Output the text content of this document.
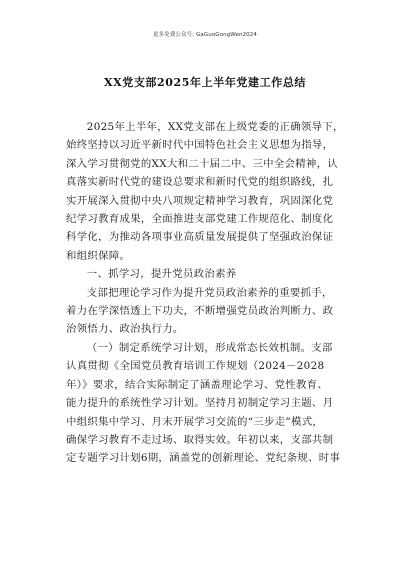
更多免费公众号: GaGuoGongWen2024
XX党支部2025年上半年党建工作总结
2025年上半年，XX党支部在上级党委的正确领导下，
始终坚持以习近平新时代中国特色社会主义思想为指导，
深入学习贯彻党的XX大和二十届二中、三中全会精神，认
真落实新时代党的建设总要求和新时代党的组织路线，扎
实开展深入贯彻中央八项规定精神学习教育，巩固深化党
纪学习教育成果，全面推进支部党建工作规范化、制度化
科学化，为推动各项事业高质量发展提供了坚强政治保证
和组织保障。
一、抓学习，提升党员政治素养
支部把理论学习作为提升党员政治素养的重要抓手，
着力在学深悟透上下功夫，不断增强党员政治判断力、政
治领悟力、政治执行力。
（一）制定系统学习计划，形成常态长效机制。支部
认真贯彻《全国党员教育培训工作规划（2024－2028
年）》要求，结合实际制定了涵盖理论学习、党性教育、
能力提升的系统性学习计划。坚持月初制定学习主题、月
中组织集中学习、月末开展学习交流的“三步走”模式，
确保学习教育不走过场、取得实效。年初以来，支部共制
定专题学习计划6期，涵盖党的创新理论、党纪条规、时事
